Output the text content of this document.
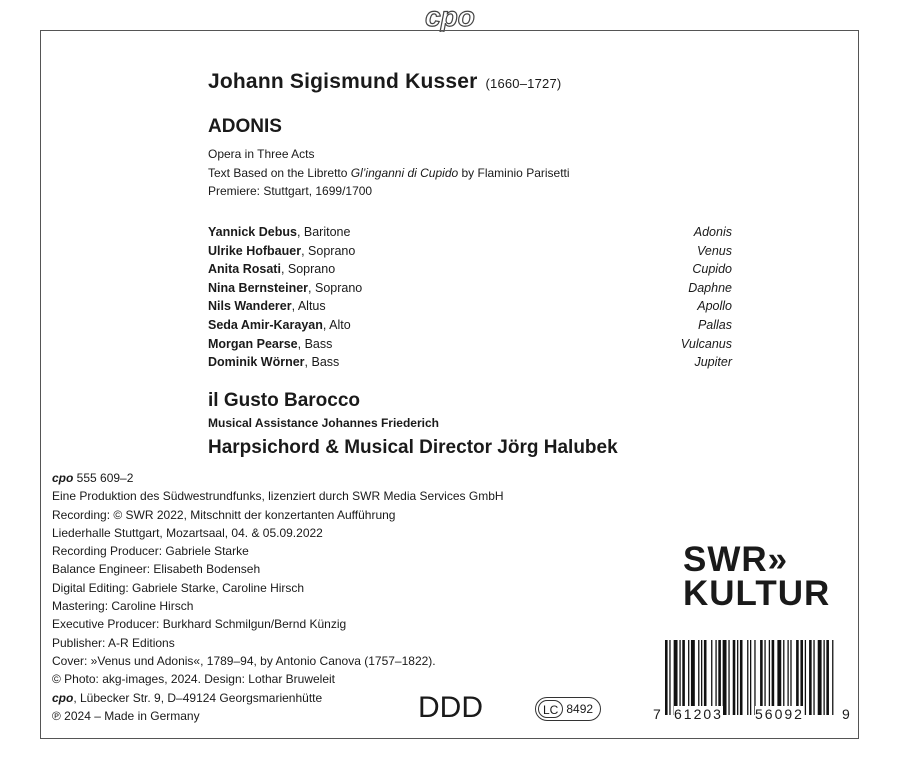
cpo
Johann Sigismund Kusser (1660–1727)
ADONIS
Opera in Three Acts
Text Based on the Libretto Gl’inganni di Cupido by Flaminio Parisetti
Premiere: Stuttgart, 1699/1700
Yannick Debus, Baritone	Adonis
Ulrike Hofbauer, Soprano	Venus
Anita Rosati, Soprano	Cupido
Nina Bernsteiner, Soprano	Daphne
Nils Wanderer, Altus	Apollo
Seda Amir-Karayan, Alto	Pallas
Morgan Pearse, Bass	Vulcanus
Dominik Wörner, Bass	Jupiter
il Gusto Barocco
Musical Assistance Johannes Friederich
Harpsichord & Musical Director Jörg Halubek
cpo 555 609–2
Eine Produktion des Südwestrundfunks, lizenziert durch SWR Media Services GmbH
Recording: © SWR 2022, Mitschnitt der konzertanten Aufführung
Liederhalle Stuttgart, Mozartsaal, 04. & 05.09.2022
Recording Producer: Gabriele Starke
Balance Engineer: Elisabeth Bodenseh
Digital Editing: Gabriele Starke, Caroline Hirsch
Mastering: Caroline Hirsch
Executive Producer: Burkhard Schmilgun/Bernd Künzig
Publisher: A-R Editions
Cover: »Venus und Adonis«, 1789–94, by Antonio Canova (1757–1822).
© Photo: akg-images, 2024. Design: Lothar Bruweleit
cpo, Lübecker Str. 9, D–49124 Georgsmarienhütte
℗ 2024 – Made in Germany	DDD	LC 8492
SWR»
KULTUR
7 61203 56092	9
